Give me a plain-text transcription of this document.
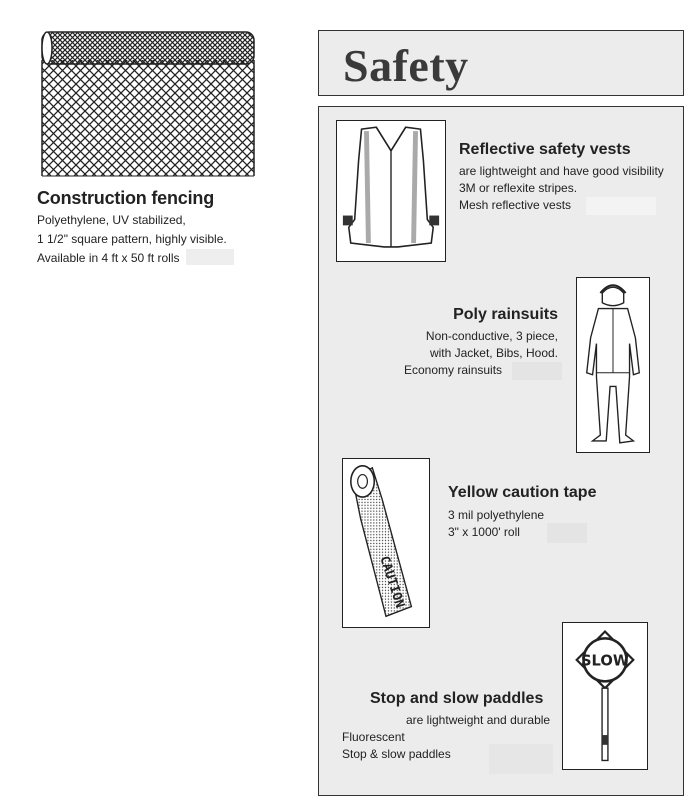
Construction fencing
Polyethylene, UV stabilized,
1 1/2" square pattern, highly visible.
Available in 4 ft x 50 ft rolls
Safety
Reflective safety vests
are lightweight and have good visibility
3M or reflexite stripes.
Mesh reflective vests
Poly rainsuits
Non-conductive, 3 piece,
with Jacket, Bibs, Hood.
Economy rainsuits
CAUTION
Yellow caution tape
3 mil polyethylene
3" x 1000' roll
SLOW
Stop and slow paddles
are lightweight and durable
Fluorescent
Stop & slow paddles
